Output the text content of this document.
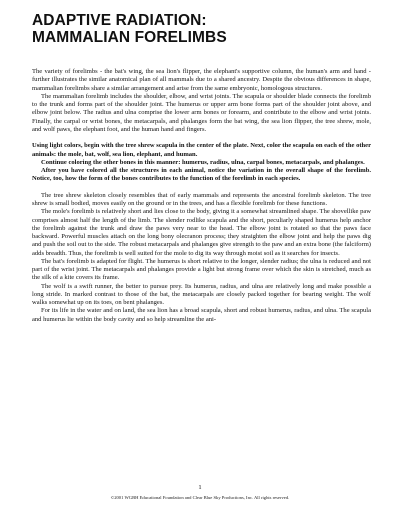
ADAPTIVE RADIATION:
MAMMALIAN FORELIMBS

The variety of forelimbs - the bat's wing, the sea lion's flipper, the elephant's supportive column, the human's arm and hand - further illustrates the similar anatomical plan of all mammals due to a shared ancestry. Despite the obvious differences in shape, mammalian forelimbs share a similar arrangement and arise from the same embryonic, homologous structures.

The mammalian forelimb includes the shoulder, elbow, and wrist joints. The scapula or shoulder blade connects the forelimb to the trunk and forms part of the shoulder joint. The humerus or upper arm bone forms part of the shoulder joint above, and elbow joint below. The radius and ulna comprise the lower arm bones or forearm, and contribute to the elbow and wrist joints. Finally, the carpal or wrist bones, the metacarpals, and phalanges form the bat wing, the sea lion flipper, the tree shrew, mole, and wolf paws, the elephant foot, and the human hand and fingers.

Using light colors, begin with the tree shrew scapula in the center of the plate. Next, color the scapula on each of the other animals: the mole, bat, wolf, sea lion, elephant, and human.

Continue coloring the other bones in this manner: humerus, radius, ulna, carpal bones, metacarpals, and phalanges.

After you have colored all the structures in each animal, notice the variation in the overall shape of the forelimb. Notice, too, how the form of the bones contributes to the function of the forelimb in each species.

The tree shrew skeleton closely resembles that of early mammals and represents the ancestral forelimb skeleton. The tree shrew is small bodied, moves easily on the ground or in the trees, and has a flexible forelimb for these functions.

The mole's forelimb is relatively short and lies close to the body, giving it a somewhat streamlined shape. The shovellike paw comprises almost half the length of the limb. The slender rodlike scapula and the short, peculiarly shaped humerus help anchor the forelimb against the trunk and draw the paws very near to the head. The elbow joint is rotated so that the paws face backward. Powerful muscles attach on the long bony olecranon process; they straighten the elbow joint and help the paws dig and push the soil out to the side. The robust metacarpals and phalanges give strength to the paw and an extra bone (the falciform) adds breadth. Thus, the forelimb is well suited for the mole to dig its way through moist soil as it searches for insects.

The bat's forelimb is adapted for flight. The humerus is short relative to the longer, slender radius; the ulna is reduced and not part of the wrist joint. The metacarpals and phalanges provide a light but strong frame over which the skin is stretched, much as the silk of a kite covers its frame.

The wolf is a swift runner, the better to pursue prey. Its humerus, radius, and ulna are relatively long and make possible a long stride. In marked contrast to those of the bat, the metacarpals are closely packed together for bearing weight. The wolf walks somewhat up on its toes, on bent phalanges.

For its life in the water and on land, the sea lion has a broad scapula, short and robust humerus, radius, and ulna. The scapula and humerus lie within the body cavity and so help streamline the ani-

1
©2001 WGBH Educational Foundation and Clear Blue Sky Productions, Inc. All rights reserved.
